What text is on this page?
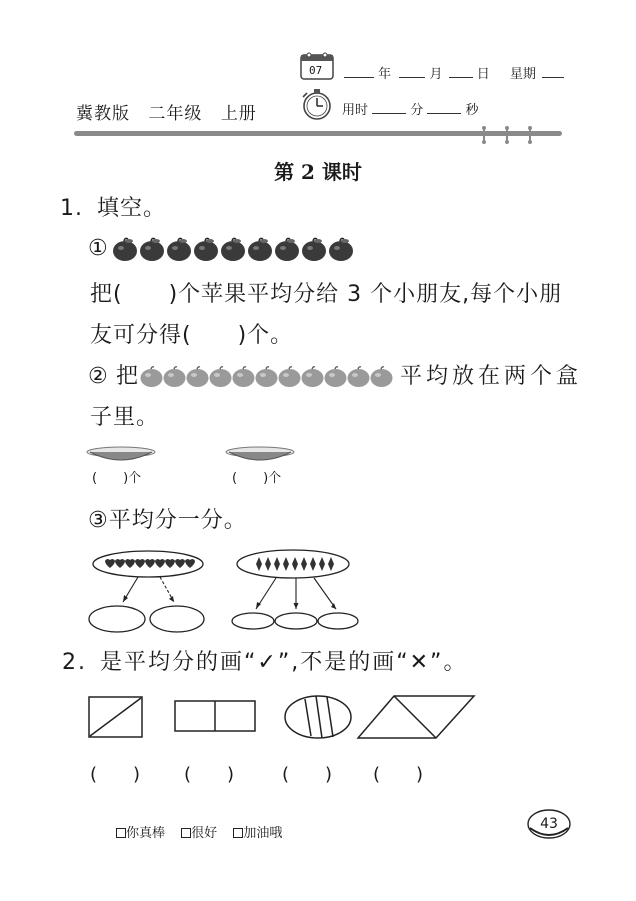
07	年	月	日 星期
冀教版 二年级 上册	用时	分	秒
第 2 课时
1. 填空。
①
把(　　)个苹果平均分给 3 个小朋友,每个小朋
友可分得(　　)个。
② 把	平均放在两个盒
子里。
(　　)个	(　　)个
③平均分一分。
2. 是平均分的画“✓”,不是的画“✕”。
(　　) (　　)	(　　) (　　)
你真棒 很好 加油哦
43
